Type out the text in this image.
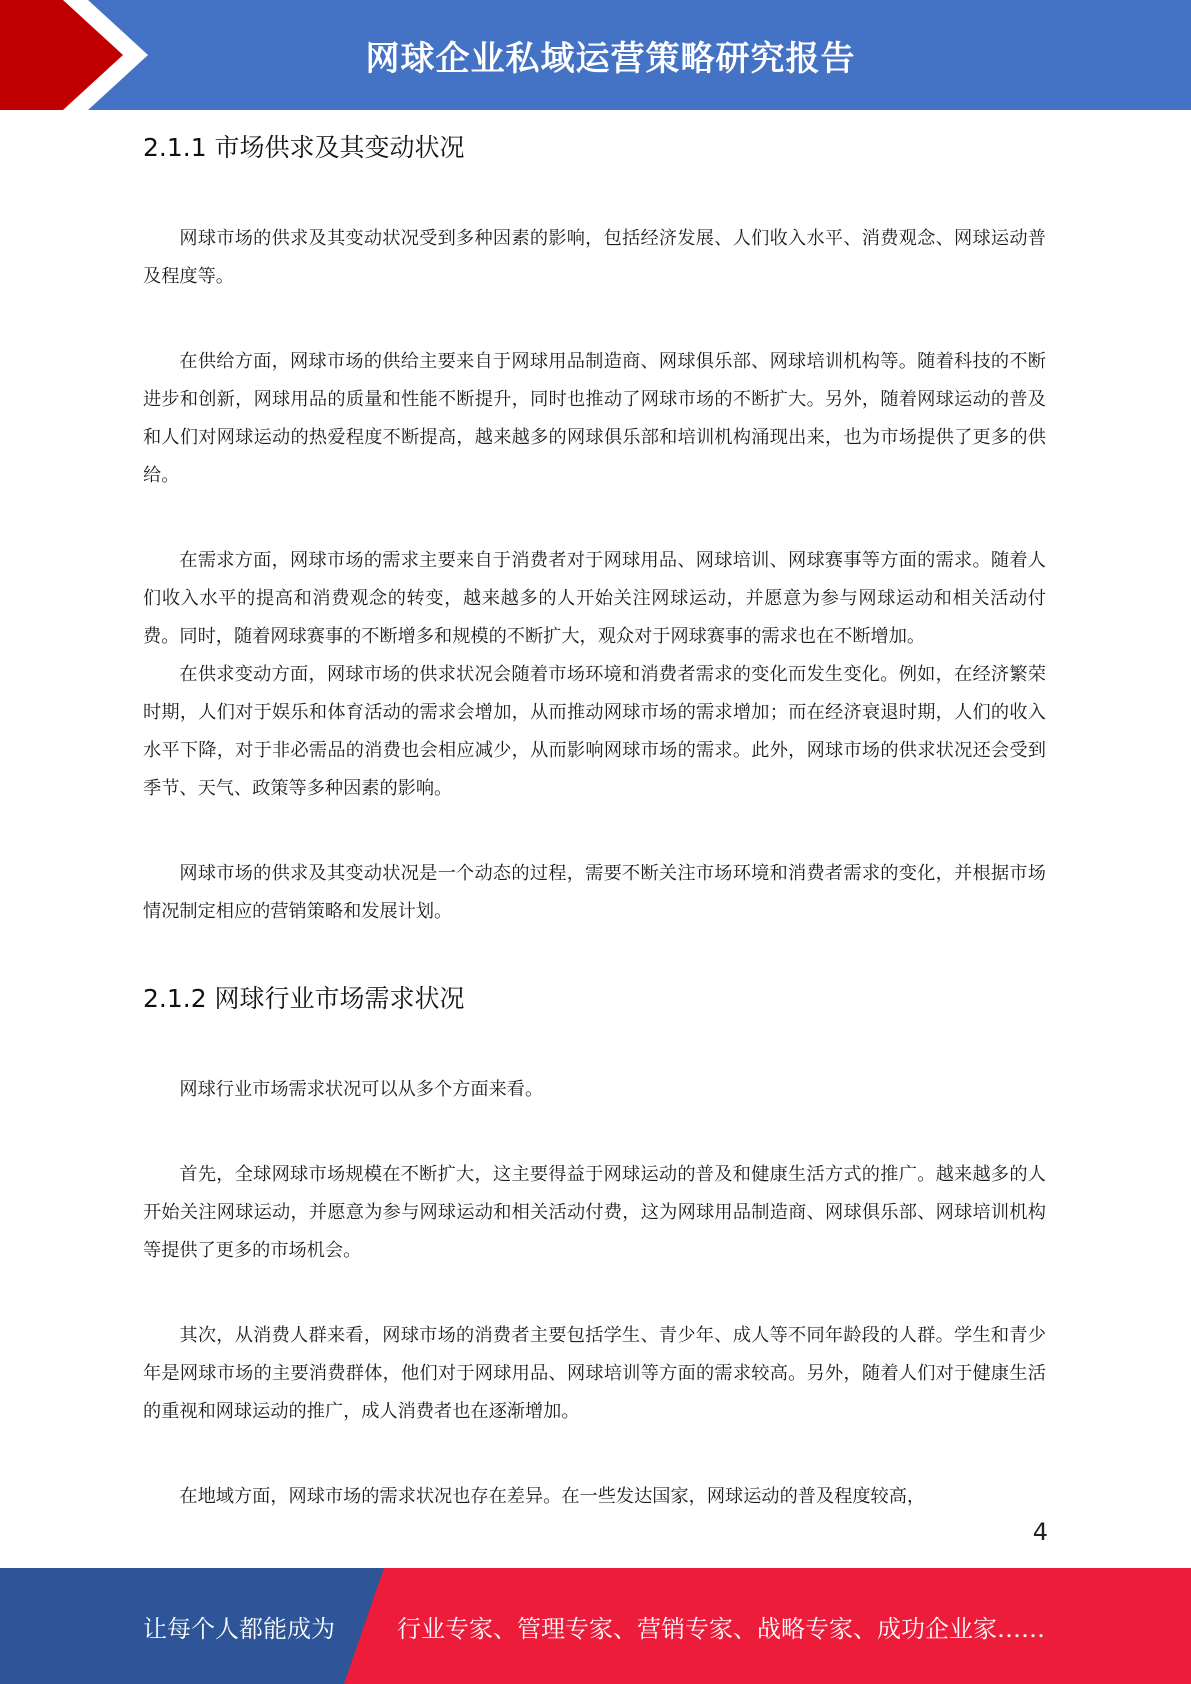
网球企业私域运营策略研究报告
2.1.1 市场供求及其变动状况

网球市场的供求及其变动状况受到多种因素的影响，包括经济发展、人们收入水平、消费观念、网球运动普及程度等。

在供给方面，网球市场的供给主要来自于网球用品制造商、网球俱乐部、网球培训机构等。随着科技的不断进步和创新，网球用品的质量和性能不断提升，同时也推动了网球市场的不断扩大。另外，随着网球运动的普及和人们对网球运动的热爱程度不断提高，越来越多的网球俱乐部和培训机构涌现出来，也为市场提供了更多的供给。

在需求方面，网球市场的需求主要来自于消费者对于网球用品、网球培训、网球赛事等方面的需求。随着人们收入水平的提高和消费观念的转变，越来越多的人开始关注网球运动，并愿意为参与网球运动和相关活动付费。同时，随着网球赛事的不断增多和规模的不断扩大，观众对于网球赛事的需求也在不断增加。

在供求变动方面，网球市场的供求状况会随着市场环境和消费者需求的变化而发生变化。例如，在经济繁荣时期，人们对于娱乐和体育活动的需求会增加，从而推动网球市场的需求增加；而在经济衰退时期，人们的收入水平下降，对于非必需品的消费也会相应减少，从而影响网球市场的需求。此外，网球市场的供求状况还会受到季节、天气、政策等多种因素的影响。

网球市场的供求及其变动状况是一个动态的过程，需要不断关注市场环境和消费者需求的变化，并根据市场情况制定相应的营销策略和发展计划。

2.1.2 网球行业市场需求状况

网球行业市场需求状况可以从多个方面来看。

首先，全球网球市场规模在不断扩大，这主要得益于网球运动的普及和健康生活方式的推广。越来越多的人开始关注网球运动，并愿意为参与网球运动和相关活动付费，这为网球用品制造商、网球俱乐部、网球培训机构等提供了更多的市场机会。

其次，从消费人群来看，网球市场的消费者主要包括学生、青少年、成人等不同年龄段的人群。学生和青少年是网球市场的主要消费群体，他们对于网球用品、网球培训等方面的需求较高。另外，随着人们对于健康生活的重视和网球运动的推广，成人消费者也在逐渐增加。

在地域方面，网球市场的需求状况也存在差异。在一些发达国家，网球运动的普及程度较高，

4
让每个人都能成为	行业专家、管理专家、营销专家、战略专家、成功企业家……
